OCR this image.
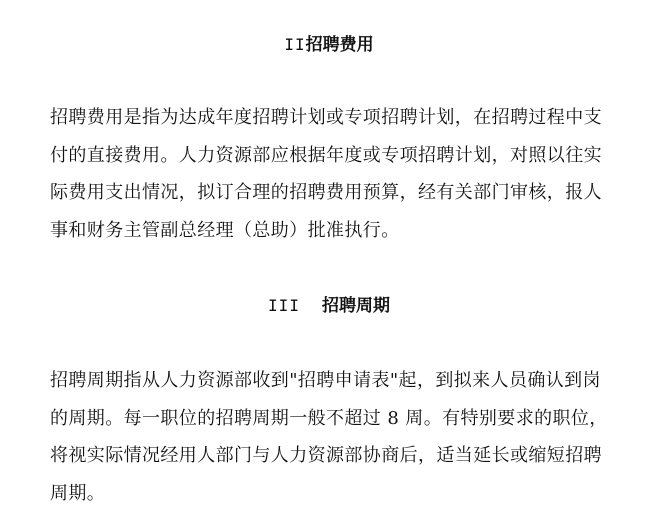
II招聘费用

招聘费用是指为达成年度招聘计划或专项招聘计划，在招聘过程中支
付的直接费用。人力资源部应根据年度或专项招聘计划，对照以往实
际费用支出情况，拟订合理的招聘费用预算，经有关部门审核，报人
事和财务主管副总经理（总助）批准执行。

III 招聘周期

招聘周期指从人力资源部收到"招聘申请表"起，到拟来人员确认到岗
的周期。每一职位的招聘周期一般不超过 8 周。有特别要求的职位，
将视实际情况经用人部门与人力资源部协商后，适当延长或缩短招聘
周期。
